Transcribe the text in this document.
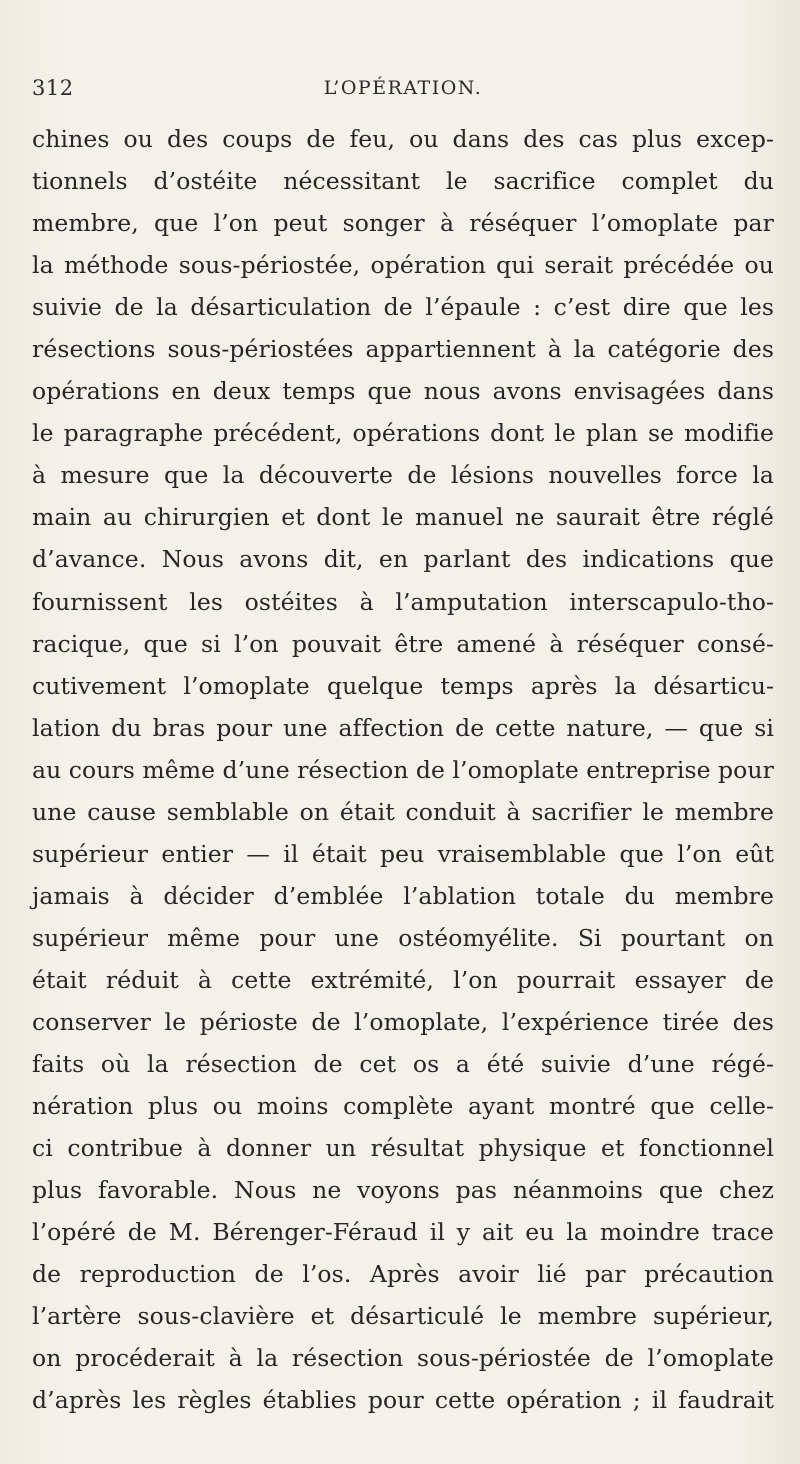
312	L’OPÉRATION.
chines ou des coups de feu, ou dans des cas plus excep-
tionnels d’ostéite nécessitant le sacrifice complet du
membre, que l’on peut songer à réséquer l’omoplate par
la méthode sous-périostée, opération qui serait précédée ou
suivie de la désarticulation de l’épaule : c’est dire que les
résections sous-périostées appartiennent à la catégorie des
opérations en deux temps que nous avons envisagées dans
le paragraphe précédent, opérations dont le plan se modifie
à mesure que la découverte de lésions nouvelles force la
main au chirurgien et dont le manuel ne saurait être réglé
d’avance. Nous avons dit, en parlant des indications que
fournissent les ostéites à l’amputation interscapulo-tho-
racique, que si l’on pouvait être amené à réséquer consé-
cutivement l’omoplate quelque temps après la désarticu-
lation du bras pour une affection de cette nature, — que si
au cours même d’une résection de l’omoplate entreprise pour
une cause semblable on était conduit à sacrifier le membre
supérieur entier — il était peu vraisemblable que l’on eût
jamais à décider d’emblée l’ablation totale du membre
supérieur même pour une ostéomyélite. Si pourtant on
était réduit à cette extrémité, l’on pourrait essayer de
conserver le périoste de l’omoplate, l’expérience tirée des
faits où la résection de cet os a été suivie d’une régé-
nération plus ou moins complète ayant montré que celle-
ci contribue à donner un résultat physique et fonctionnel
plus favorable. Nous ne voyons pas néanmoins que chez
l’opéré de M. Bérenger-Féraud il y ait eu la moindre trace
de reproduction de l’os. Après avoir lié par précaution
l’artère sous-clavière et désarticulé le membre supérieur,
on procéderait à la résection sous-périostée de l’omoplate
d’après les règles établies pour cette opération ; il faudrait
